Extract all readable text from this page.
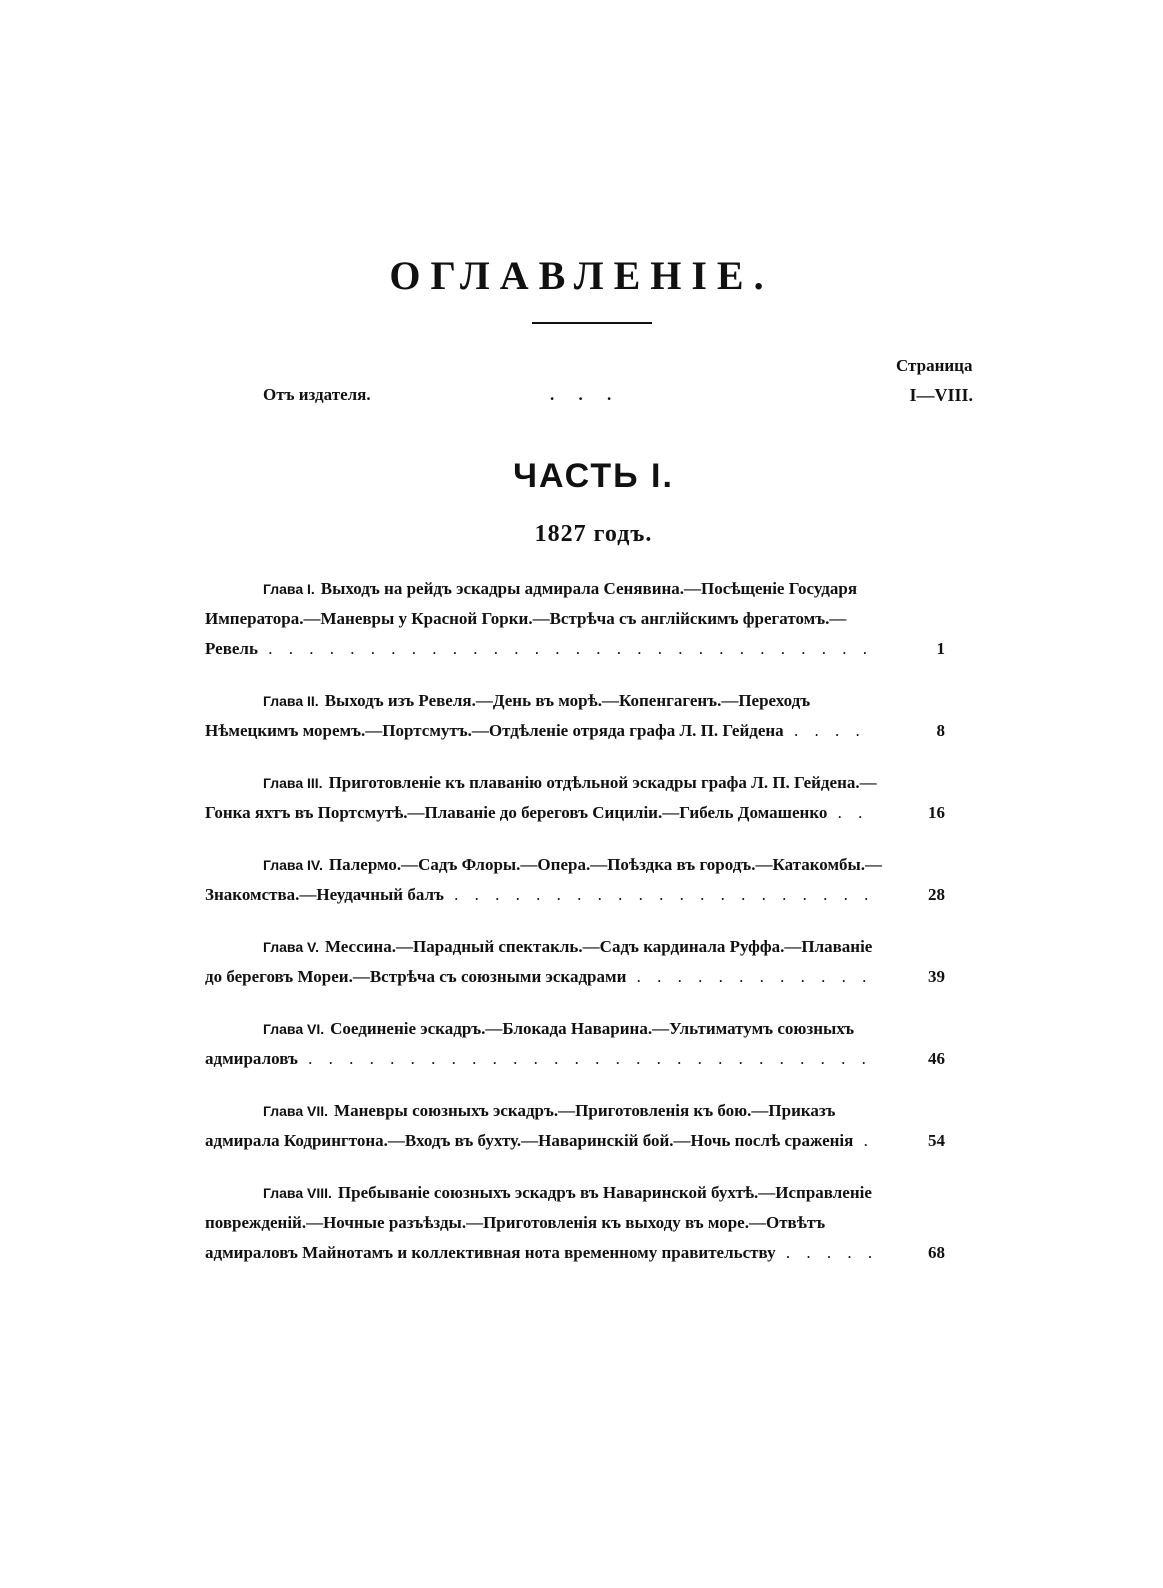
ОГЛАВЛЕНІЕ.
Страница
Отъ издателя.	. . .	I—VIII.
ЧАСТЬ I.
1827 годъ.

Глава I. Выходъ на рейдъ эскадры адмирала Сенявина.—Посѣщеніе Государя Императора.—Маневры у Красной Горки.—Встрѣча съ англійскимъ фрегатомъ.—Ревель . . . . . . . . . . . . . . . . . . . . . . . . . . . . . .	1

Глава II. Выходъ изъ Ревеля.—День въ морѣ.—Копенгагенъ.—Переходъ Нѣмецкимъ моремъ.—Портсмутъ.—Отдѣленіе отряда графа Л. П. Гейдена . . . .	8

Глава III. Приготовленіе къ плаванію отдѣльной эскадры графа Л. П. Гейдена.—Гонка яхтъ въ Портсмутѣ.—Плаваніе до береговъ Сициліи.—Гибель Домашенко . .	16

Глава IV. Палермо.—Садъ Флоры.—Опера.—Поѣздка въ городъ.—Катакомбы.—Знакомства.—Неудачный балъ . . . . . . . . . . . . . . . . . . . . .	28

Глава V. Мессина.—Парадный спектакль.—Садъ кардинала Руффа.—Плаваніе до береговъ Мореи.—Встрѣча съ союзными эскадрами . . . . . . . . . . . .	39

Глава VI. Соединеніе эскадръ.—Блокада Наварина.—Ультиматумъ союзныхъ адмираловъ . . . . . . . . . . . . . . . . . . . . . . . . . . . .	46

Глава VII. Маневры союзныхъ эскадръ.—Приготовленія къ бою.—Приказъ адмирала Кодрингтона.—Входъ въ бухту.—Наваринскій бой.—Ночь послѣ сраженія .	54

Глава VIII. Пребываніе союзныхъ эскадръ въ Наваринской бухтѣ.—Исправленіе поврежденій.—Ночные разъѣзды.—Приготовленія къ выходу въ море.—Отвѣтъ адмираловъ Майнотамъ и коллективная нота временному правительству . . . . .	68
